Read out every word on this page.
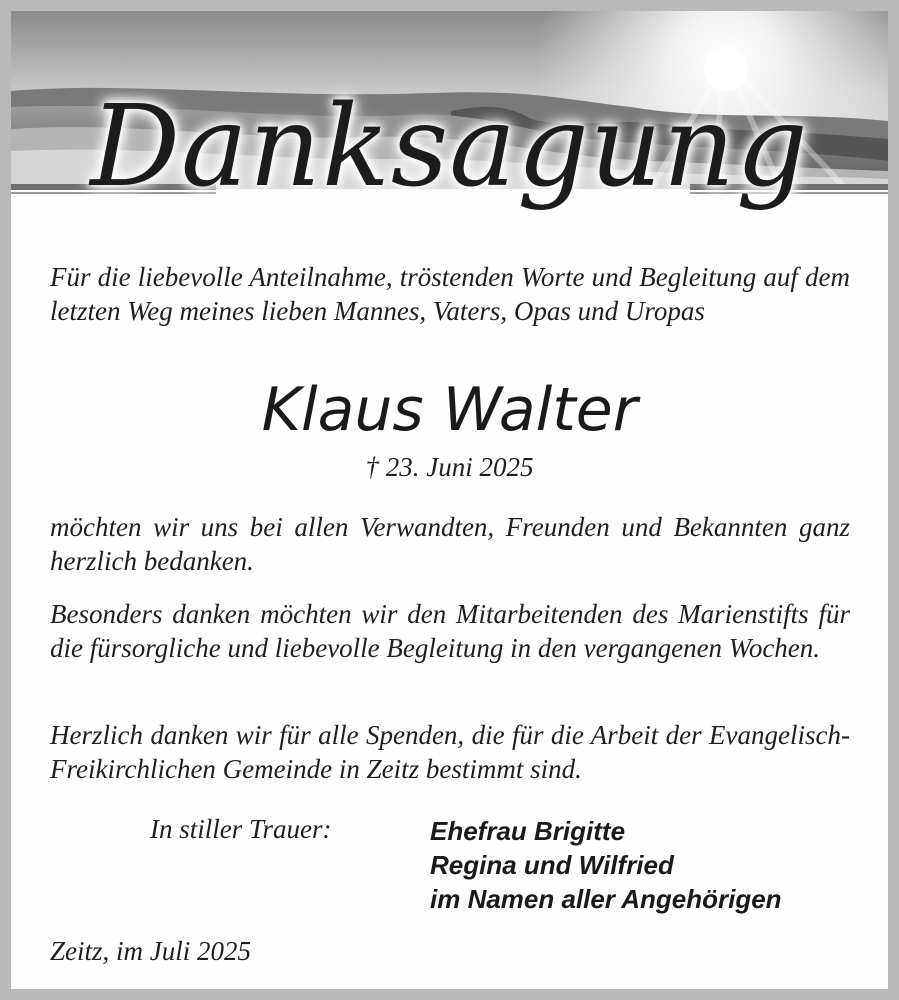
Danksagung
Für die liebevolle Anteilnahme, tröstenden Worte und Begleitung auf dem letzten Weg meines lieben Mannes, Vaters, Opas und Uropas
Klaus Walter
† 23. Juni 2025
möchten wir uns bei allen Verwandten, Freunden und Bekannten ganz herzlich bedanken.
Besonders danken möchten wir den Mitarbeitenden des Marienstifts für die fürsorgliche und liebevolle Begleitung in den vergangenen Wochen.
Herzlich danken wir für alle Spenden, die für die Arbeit der Evangelisch-Freikirchlichen Gemeinde in Zeitz bestimmt sind.
In stiller Trauer:	Ehefrau Brigitte
Regina und Wilfried
im Namen aller Angehörigen
Zeitz, im Juli 2025
